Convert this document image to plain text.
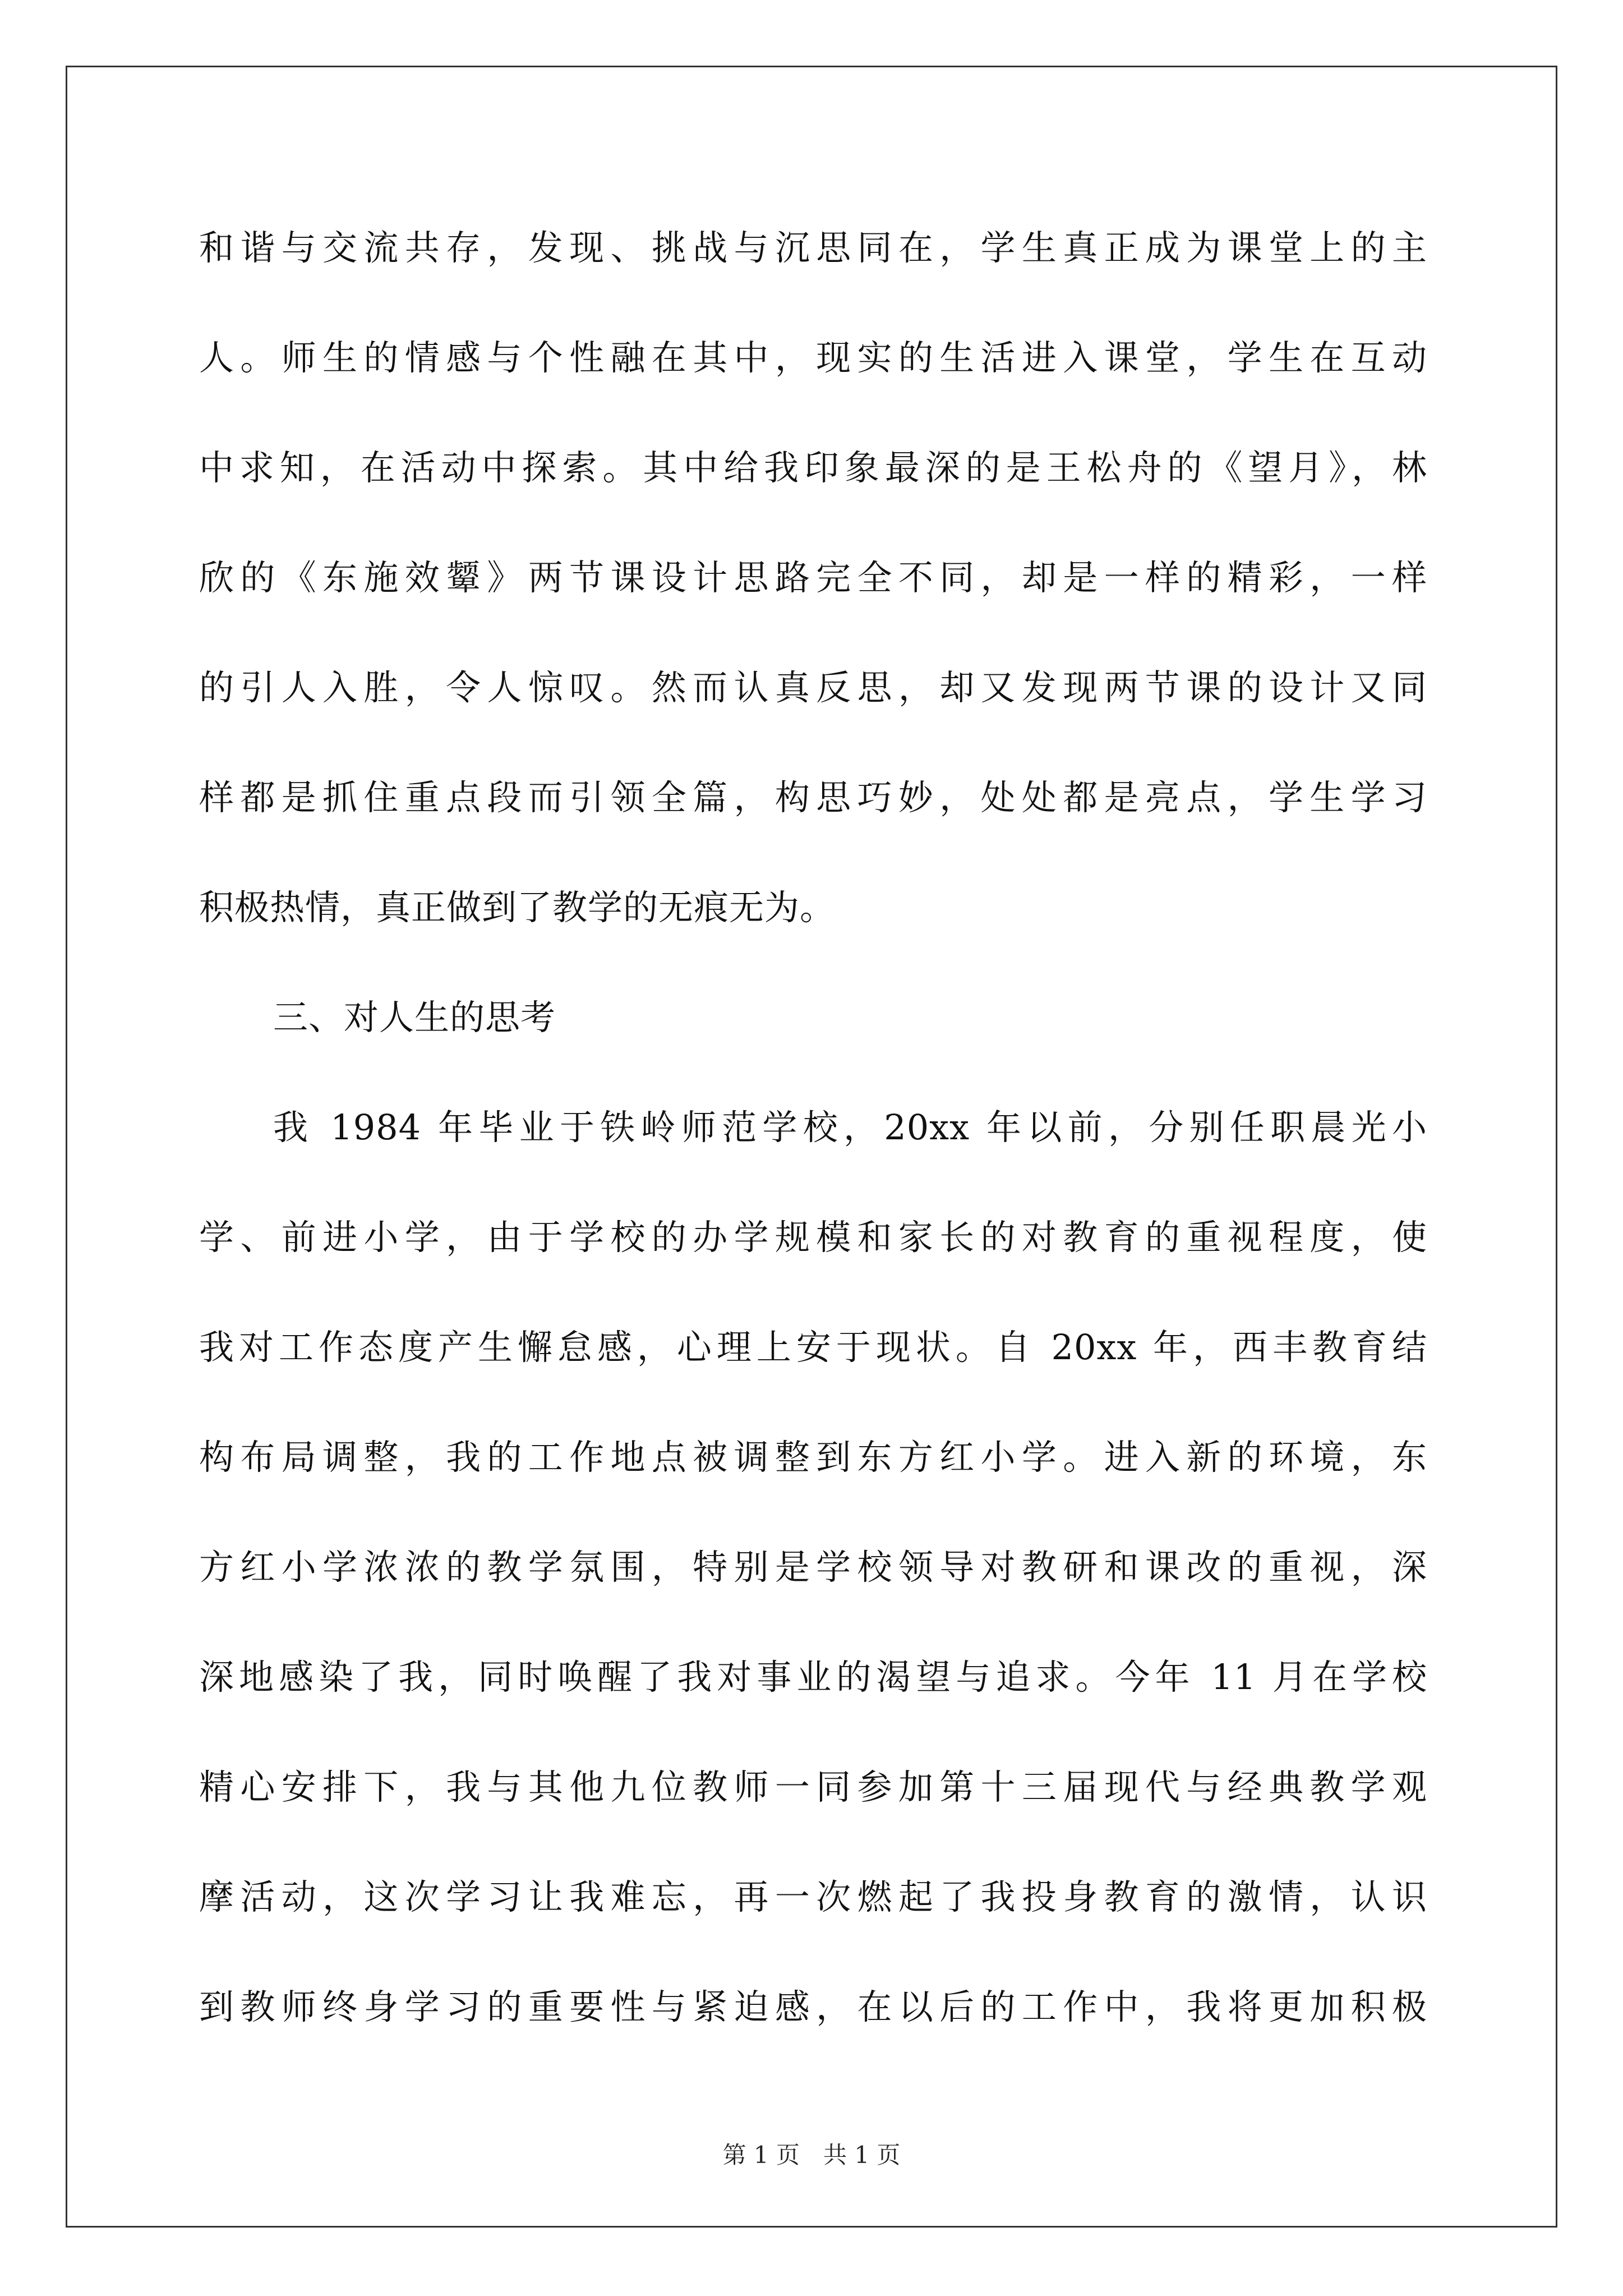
和谐与交流共存，发现、挑战与沉思同在，学生真正成为课堂上的主
人。师生的情感与个性融在其中，现实的生活进入课堂，学生在互动
中求知，在活动中探索。其中给我印象最深的是王松舟的《望月》，林
欣的《东施效颦》两节课设计思路完全不同，却是一样的精彩，一样
的引人入胜，令人惊叹。然而认真反思，却又发现两节课的设计又同
样都是抓住重点段而引领全篇，构思巧妙，处处都是亮点，学生学习
积极热情，真正做到了教学的无痕无为。
三、对人生的思考
我 1984 年毕业于铁岭师范学校，20xx 年以前，分别任职晨光小
学、前进小学，由于学校的办学规模和家长的对教育的重视程度，使
我对工作态度产生懈怠感，心理上安于现状。自 20xx 年，西丰教育结
构布局调整，我的工作地点被调整到东方红小学。进入新的环境，东
方红小学浓浓的教学氛围，特别是学校领导对教研和课改的重视，深
深地感染了我，同时唤醒了我对事业的渴望与追求。今年 11 月在学校
精心安排下，我与其他九位教师一同参加第十三届现代与经典教学观
摩活动，这次学习让我难忘，再一次燃起了我投身教育的激情，认识
到教师终身学习的重要性与紧迫感，在以后的工作中，我将更加积极
第 1 页　共 1 页
